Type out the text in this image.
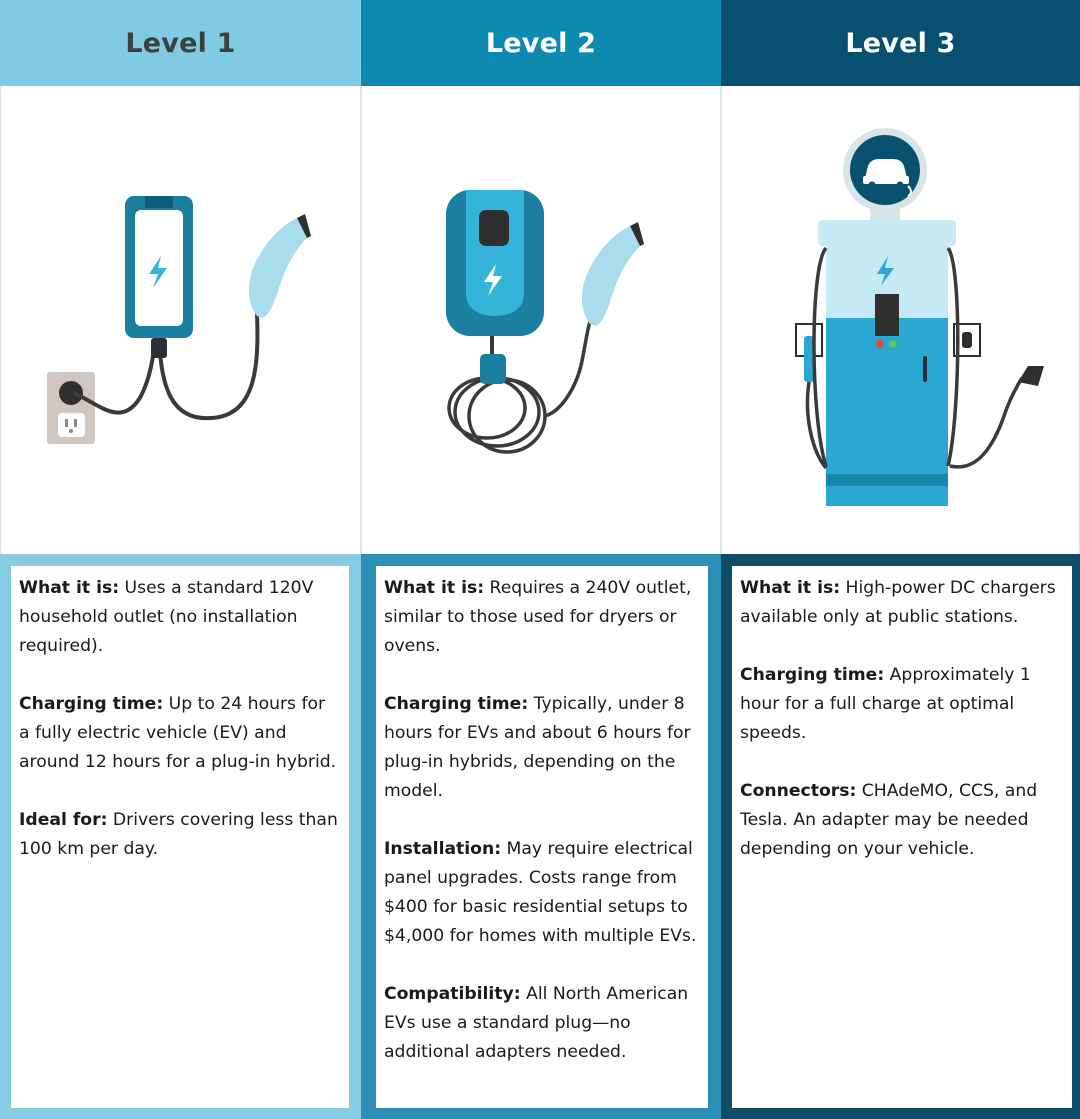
Level 1

What it is: Uses a standard 120V household outlet (no installation required).

Charging time: Up to 24 hours for a fully electric vehicle (EV) and around 12 hours for a plug-in hybrid.

Ideal for: Drivers covering less than 100 km per day.

Level 2

What it is: Requires a 240V outlet, similar to those used for dryers or ovens.

Charging time: Typically, under 8 hours for EVs and about 6 hours for plug-in hybrids, depending on the model.

Installation: May require electrical panel upgrades. Costs range from $400 for basic residential setups to $4,000 for homes with multiple EVs.

Compatibility: All North American EVs use a standard plug—no additional adapters needed.

Level 3

What it is: High-power DC chargers available only at public stations.

Charging time: Approximately 1 hour for a full charge at optimal speeds.

Connectors: CHAdeMO, CCS, and Tesla. An adapter may be needed depending on your vehicle.
